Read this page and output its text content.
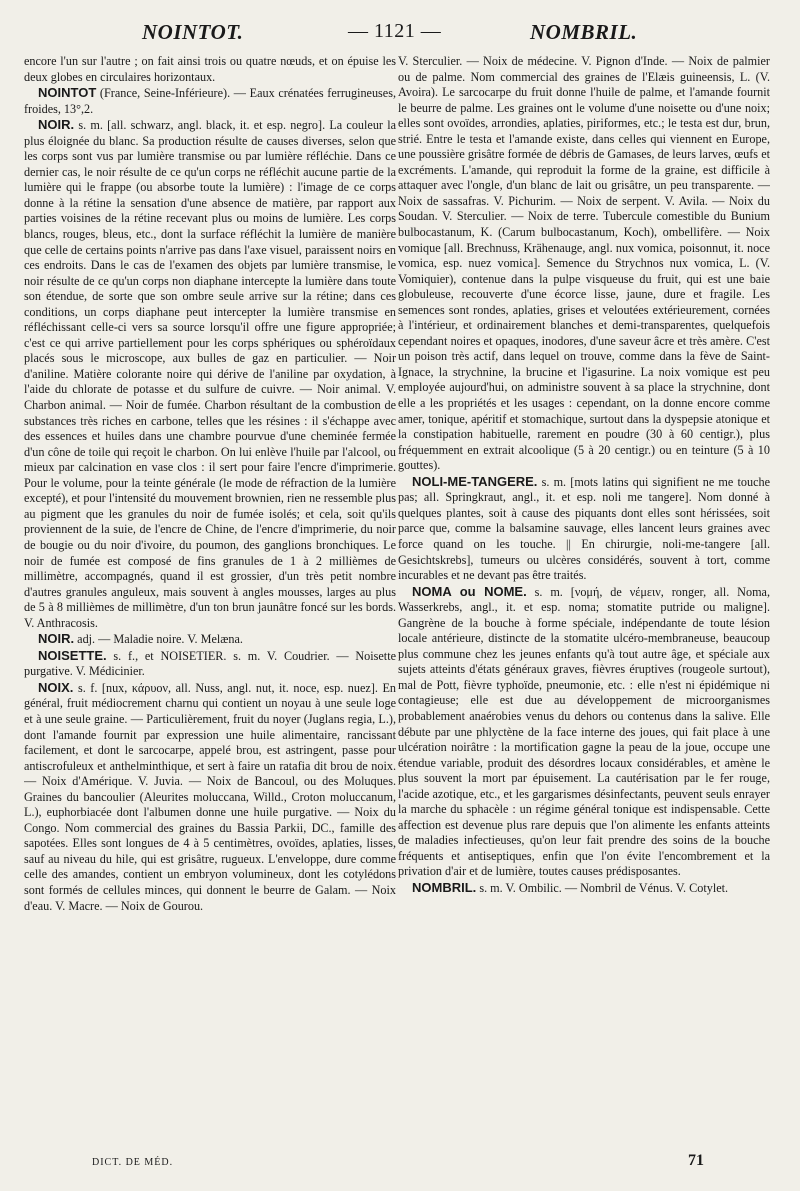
NOINTOT.	— 1121 —	NOMBRIL.

encore l'un sur l'autre ; on fait ainsi trois ou quatre nœuds, et on épuise les deux globes en circulaires horizontaux.

NOINTOT (France, Seine-Inférieure). — Eaux crénatées ferrugineuses, froides, 13°,2.

NOIR. s. m. [all. schwarz, angl. black, it. et esp. negro]. La couleur la plus éloignée du blanc. Sa production résulte de causes diverses, selon que les corps sont vus par lumière transmise ou par lumière réfléchie. Dans ce dernier cas, le noir résulte de ce qu'un corps ne réfléchit aucune partie de la lumière qui le frappe (ou absorbe toute la lumière) : l'image de ce corps donne à la rétine la sensation d'une absence de matière, par rapport aux parties voisines de la rétine recevant plus ou moins de lumière. Les corps blancs, rouges, bleus, etc., dont la surface réfléchit la lumière de manière que celle de certains points n'arrive pas dans l'axe visuel, paraissent noirs en ces endroits. Dans le cas de l'examen des objets par lumière transmise, le noir résulte de ce qu'un corps non diaphane intercepte la lumière dans toute son étendue, de sorte que son ombre seule arrive sur la rétine; dans ces conditions, un corps diaphane peut intercepter la lumière transmise en réfléchissant celle-ci vers sa source lorsqu'il offre une figure appropriée; c'est ce qui arrive partiellement pour les corps sphériques ou sphéroïdaux placés sous le microscope, aux bulles de gaz en particulier. — Noir d'aniline. Matière colorante noire qui dérive de l'aniline par oxydation, à l'aide du chlorate de potasse et du sulfure de cuivre. — Noir animal. V. Charbon animal. — Noir de fumée. Charbon résultant de la combustion de substances très riches en carbone, telles que les résines : il s'échappe avec des essences et huiles dans une chambre pourvue d'une cheminée fermée d'un cône de toile qui reçoit le charbon. On lui enlève l'huile par l'alcool, ou mieux par calcination en vase clos : il sert pour faire l'encre d'imprimerie. Pour le volume, pour la teinte générale (le mode de réfraction de la lumière excepté), et pour l'intensité du mouvement brownien, rien ne ressemble plus au pigment que les granules du noir de fumée isolés; et cela, soit qu'ils proviennent de la suie, de l'encre de Chine, de l'encre d'imprimerie, du noir de bougie ou du noir d'ivoire, du poumon, des ganglions bronchiques. Le noir de fumée est composé de fins granules de 1 à 2 millièmes de millimètre, accompagnés, quand il est grossier, d'un très petit nombre d'autres granules anguleux, mais souvent à angles mousses, larges au plus de 5 à 8 millièmes de millimètre, d'un ton brun jaunâtre foncé sur les bords. V. Anthracosis.

NOIR. adj. — Maladie noire. V. Melæna.

NOISETTE. s. f., et NOISETIER. s. m. V. Coudrier. — Noisette purgative. V. Médicinier.

NOIX. s. f. [nux, κάρυον, all. Nuss, angl. nut, it. noce, esp. nuez]. En général, fruit médiocrement charnu qui contient un noyau à une seule loge et à une seule graine. — Particulièrement, fruit du noyer (Juglans regia, L.), dont l'amande fournit par expression une huile alimentaire, rancissant facilement, et dont le sarcocarpe, appelé brou, est astringent, passe pour antiscrofuleux et anthelminthique, et sert à faire un ratafia dit brou de noix. — Noix d'Amérique. V. Juvia. — Noix de Bancoul, ou des Moluques. Graines du bancoulier (Aleurites moluccana, Willd., Croton moluccanum, L.), euphorbiacée dont l'albumen donne une huile purgative. — Noix du Congo. Nom commercial des graines du Bassia Parkii, DC., famille des sapotées. Elles sont longues de 4 à 5 centimètres, ovoïdes, aplaties, lisses, sauf au niveau du hile, qui est grisâtre, rugueux. L'enveloppe, dure comme celle des amandes, contient un embryon volumineux, dont les cotylédons sont formés de cellules minces, qui donnent le beurre de Galam. — Noix d'eau. V. Macre. — Noix de Gourou.

V. Sterculier. — Noix de médecine. V. Pignon d'Inde. — Noix de palmier ou de palme. Nom commercial des graines de l'Elæis guineensis, L. (V. Avoira). Le sarcocarpe du fruit donne l'huile de palme, et l'amande fournit le beurre de palme. Les graines ont le volume d'une noisette ou d'une noix; elles sont ovoïdes, arrondies, aplaties, piriformes, etc.; le testa est dur, brun, strié. Entre le testa et l'amande existe, dans celles qui viennent en Europe, une poussière grisâtre formée de débris de Gamases, de leurs larves, œufs et excréments. L'amande, qui reproduit la forme de la graine, est difficile à attaquer avec l'ongle, d'un blanc de lait ou grisâtre, un peu transparente. — Noix de sassafras. V. Pichurim. — Noix de serpent. V. Avila. — Noix du Soudan. V. Sterculier. — Noix de terre. Tubercule comestible du Bunium bulbocastanum, K. (Carum bulbocastanum, Koch), ombellifère. — Noix vomique [all. Brechnuss, Krähenauge, angl. nux vomica, poisonnut, it. noce vomica, esp. nuez vomica]. Semence du Strychnos nux vomica, L. (V. Vomiquier), contenue dans la pulpe visqueuse du fruit, qui est une baie globuleuse, recouverte d'une écorce lisse, jaune, dure et fragile. Les semences sont rondes, aplaties, grises et veloutées extérieurement, cornées à l'intérieur, et ordinairement blanches et demi-transparentes, quelquefois cependant noires et opaques, inodores, d'une saveur âcre et très amère. C'est un poison très actif, dans lequel on trouve, comme dans la fève de Saint-Ignace, la strychnine, la brucine et l'igasurine. La noix vomique est peu employée aujourd'hui, on administre souvent à sa place la strychnine, dont elle a les propriétés et les usages : cependant, on la donne encore comme amer, tonique, apéritif et stomachique, surtout dans la dyspepsie atonique et la constipation habituelle, rarement en poudre (30 à 60 centigr.), plus fréquemment en extrait alcoolique (5 à 20 centigr.) ou en teinture (5 à 10 gouttes).

NOLI-ME-TANGERE. s. m. [mots latins qui signifient ne me touche pas; all. Springkraut, angl., it. et esp. noli me tangere]. Nom donné à quelques plantes, soit à cause des piquants dont elles sont hérissées, soit parce que, comme la balsamine sauvage, elles lancent leurs graines avec force quand on les touche. || En chirurgie, noli-me-tangere [all. Gesichtskrebs], tumeurs ou ulcères considérés, souvent à tort, comme incurables et ne devant pas être traités.

NOMA ou NOME. s. m. [νομή, de νέμειν, ronger, all. Noma, Wasserkrebs, angl., it. et esp. noma; stomatite putride ou maligne]. Gangrène de la bouche à forme spéciale, indépendante de toute lésion locale antérieure, distincte de la stomatite ulcéro-membraneuse, beaucoup plus commune chez les jeunes enfants qu'à tout autre âge, et spéciale aux sujets atteints d'états généraux graves, fièvres éruptives (rougeole surtout), mal de Pott, fièvre typhoïde, pneumonie, etc. : elle n'est ni épidémique ni contagieuse; elle est due au développement de microorganismes probablement anaérobies venus du dehors ou contenus dans la salive. Elle débute par une phlyctène de la face interne des joues, qui fait place à une ulcération noirâtre : la mortification gagne la peau de la joue, occupe une étendue variable, produit des désordres locaux considérables, et amène le plus souvent la mort par épuisement. La cautérisation par le fer rouge, l'acide azotique, etc., et les gargarismes désinfectants, peuvent seuls enrayer la marche du sphacèle : un régime général tonique est indispensable. Cette affection est devenue plus rare depuis que l'on alimente les enfants atteints de maladies infectieuses, qu'on leur fait prendre des soins de la bouche fréquents et antiseptiques, enfin que l'on évite l'encombrement et la privation d'air et de lumière, toutes causes prédisposantes.

NOMBRIL. s. m. V. Ombilic. — Nombril de Vénus. V. Cotylet.

DICT. DE MÉD.	71
